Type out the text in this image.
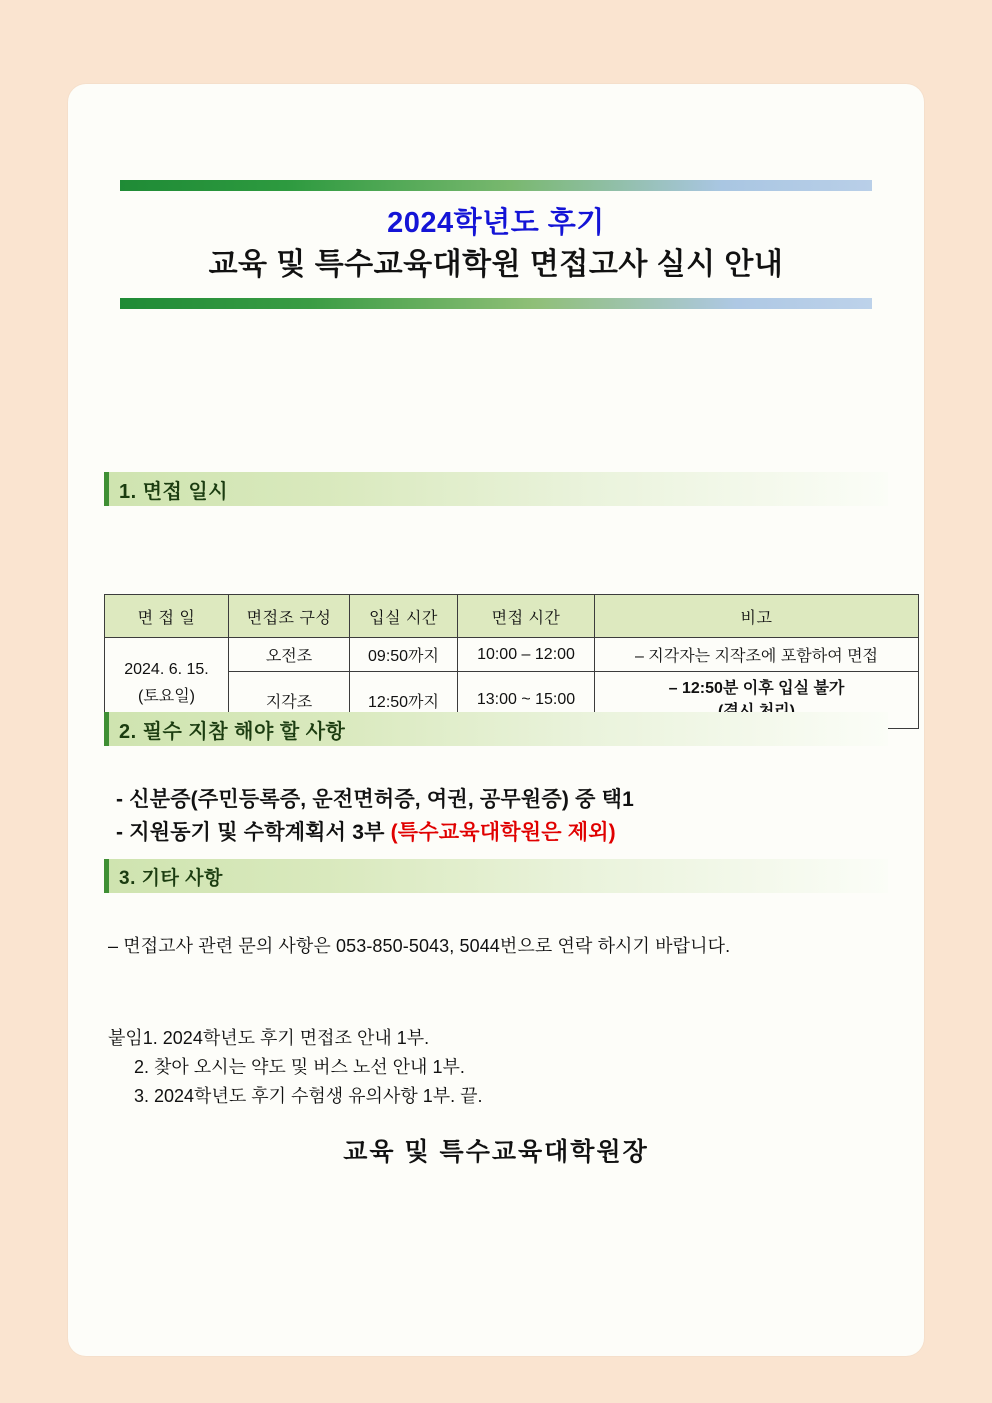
2024학년도 후기
교육 및 특수교육대학원 면접고사 실시 안내
1. 면접 일시
면 접 일	면접조 구성	입실 시간	면접 시간	비고

2024. 6. 15.
(토요일)	오전조	09:50까지	10:00 – 12:00	– 지각자는 지작조에 포함하여 면접
	지각조	12:50까지	13:00 ~ 15:00	– 12:50분 이후 입실 불가
2. 필수 지참 해야 할 사항
- 신분증(주민등록증, 운전면허증, 여권, 공무원증) 중 택1
- 지원동기 및 수학계획서 3부 (특수교육대학원은 제외)
3. 기타 사항
– 면접고사 관련 문의 사항은 053-850-5043, 5044번으로 연락 하시기 바랍니다.
붙임1. 2024학년도 후기 면접조 안내 1부.
2. 찾아 오시는 약도 및 버스 노선 안내 1부.
3. 2024학년도 후기 수험생 유의사항 1부. 끝.
교육 및 특수교육대학원장
